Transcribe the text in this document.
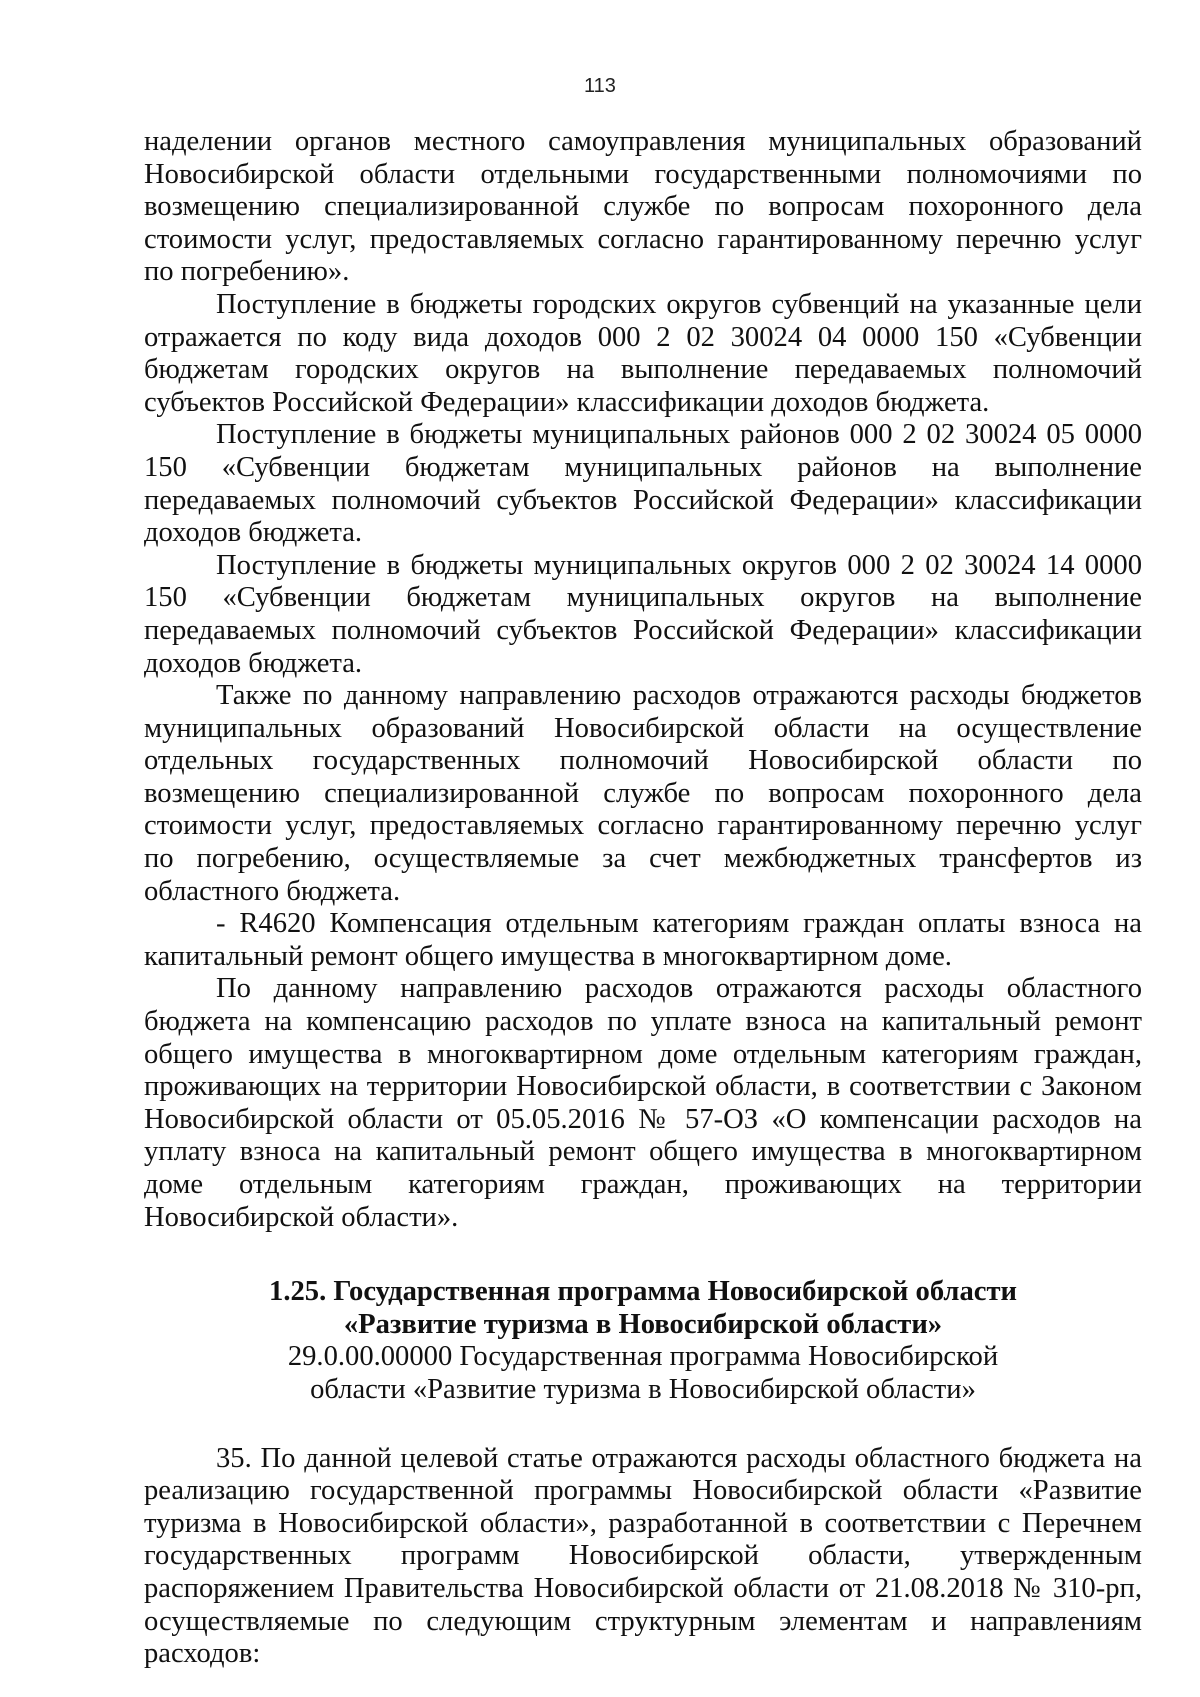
113

наделении органов местного самоуправления муниципальных образований Новосибирской области отдельными государственными полномочиями по возмещению специализированной службе по вопросам похоронного дела стоимости услуг, предоставляемых согласно гарантированному перечню услуг по погребению».

Поступление в бюджеты городских округов субвенций на указанные цели отражается по коду вида доходов 000 2 02 30024 04 0000 150 «Субвенции бюджетам городских округов на выполнение передаваемых полномочий субъектов Российской Федерации» классификации доходов бюджета.

Поступление в бюджеты муниципальных районов 000 2 02 30024 05 0000 150 «Субвенции бюджетам муниципальных районов на выполнение передаваемых полномочий субъектов Российской Федерации» классификации доходов бюджета.

Поступление в бюджеты муниципальных округов 000 2 02 30024 14 0000 150 «Субвенции бюджетам муниципальных округов на выполнение передаваемых полномочий субъектов Российской Федерации» классификации доходов бюджета.

Также по данному направлению расходов отражаются расходы бюджетов муниципальных образований Новосибирской области на осуществление отдельных государственных полномочий Новосибирской области по возмещению специализированной службе по вопросам похоронного дела стоимости услуг, предоставляемых согласно гарантированному перечню услуг по погребению, осуществляемые за счет межбюджетных трансфертов из областного бюджета.

- R4620 Компенсация отдельным категориям граждан оплаты взноса на капитальный ремонт общего имущества в многоквартирном доме.

По данному направлению расходов отражаются расходы областного бюджета на компенсацию расходов по уплате взноса на капитальный ремонт общего имущества в многоквартирном доме отдельным категориям граждан, проживающих на территории Новосибирской области, в соответствии с Законом Новосибирской области от 05.05.2016 № 57-ОЗ «О компенсации расходов на уплату взноса на капитальный ремонт общего имущества в многоквартирном доме отдельным категориям граждан, проживающих на территории Новосибирской области».

1.25. Государственная программа Новосибирской области

«Развитие туризма в Новосибирской области»

29.0.00.00000 Государственная программа Новосибирской

области «Развитие туризма в Новосибирской области»

35. По данной целевой статье отражаются расходы областного бюджета на реализацию государственной программы Новосибирской области «Развитие туризма в Новосибирской области», разработанной в соответствии с Перечнем государственных программ Новосибирской области, утвержденным распоряжением Правительства Новосибирской области от 21.08.2018 № 310-рп, осуществляемые по следующим структурным элементам и направлениям расходов:
